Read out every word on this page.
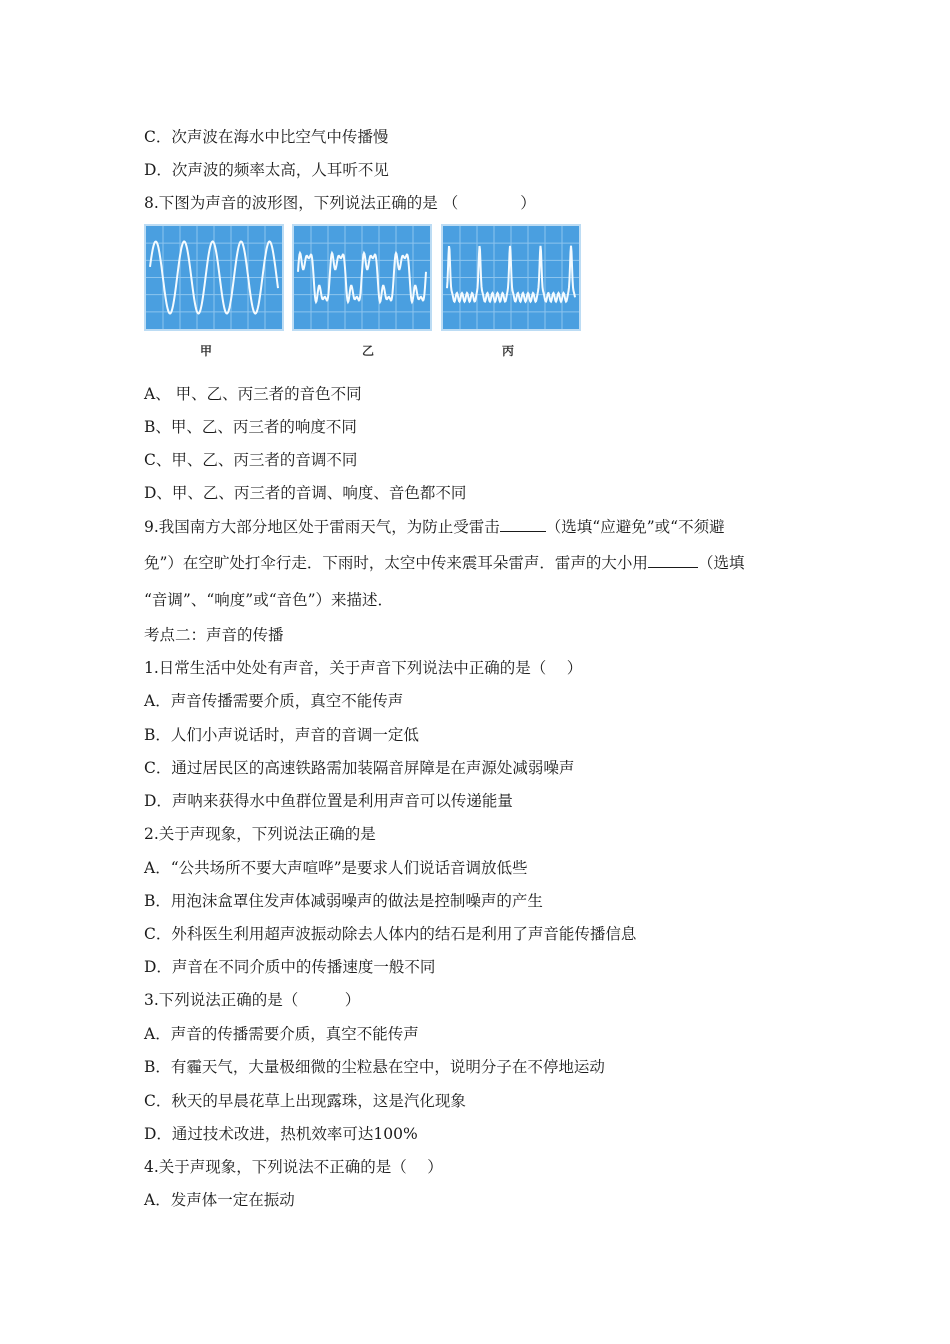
C．次声波在海水中比空气中传播慢
D．次声波的频率太高，人耳听不见
8.下图为声音的波形图，下列说法正确的是 （　　　　）
甲	乙	丙
A、 甲、乙、丙三者的音色不同
B、甲、乙、丙三者的响度不同
C、甲、乙、丙三者的音调不同
D、甲、乙、丙三者的音调、响度、音色都不同
9.我国南方大部分地区处于雷雨天气，为防止受雷击	（选填“应避免”或“不须避
免”）在空旷处打伞行走．下雨时，太空中传来震耳朵雷声．雷声的大小用	（选填
“音调”、“响度”或“音色”）来描述．
考点二：声音的传播
1.日常生活中处处有声音，关于声音下列说法中正确的是（　 ）
A．声音传播需要介质，真空不能传声
B．人们小声说话时，声音的音调一定低
C．通过居民区的高速铁路需加装隔音屏障是在声源处减弱噪声
D．声呐来获得水中鱼群位置是利用声音可以传递能量
2.关于声现象，下列说法正确的是
A．“公共场所不要大声喧哗”是要求人们说话音调放低些
B．用泡沫盒罩住发声体减弱噪声的做法是控制噪声的产生
C．外科医生利用超声波振动除去人体内的结石是利用了声音能传播信息
D．声音在不同介质中的传播速度一般不同
3.下列说法正确的是（　　　）
A．声音的传播需要介质，真空不能传声
B．有霾天气，大量极细微的尘粒悬在空中，说明分子在不停地运动
C．秋天的早晨花草上出现露珠，这是汽化现象
D．通过技术改进，热机效率可达100%
4.关于声现象，下列说法不正确的是（　 ）
A．发声体一定在振动
